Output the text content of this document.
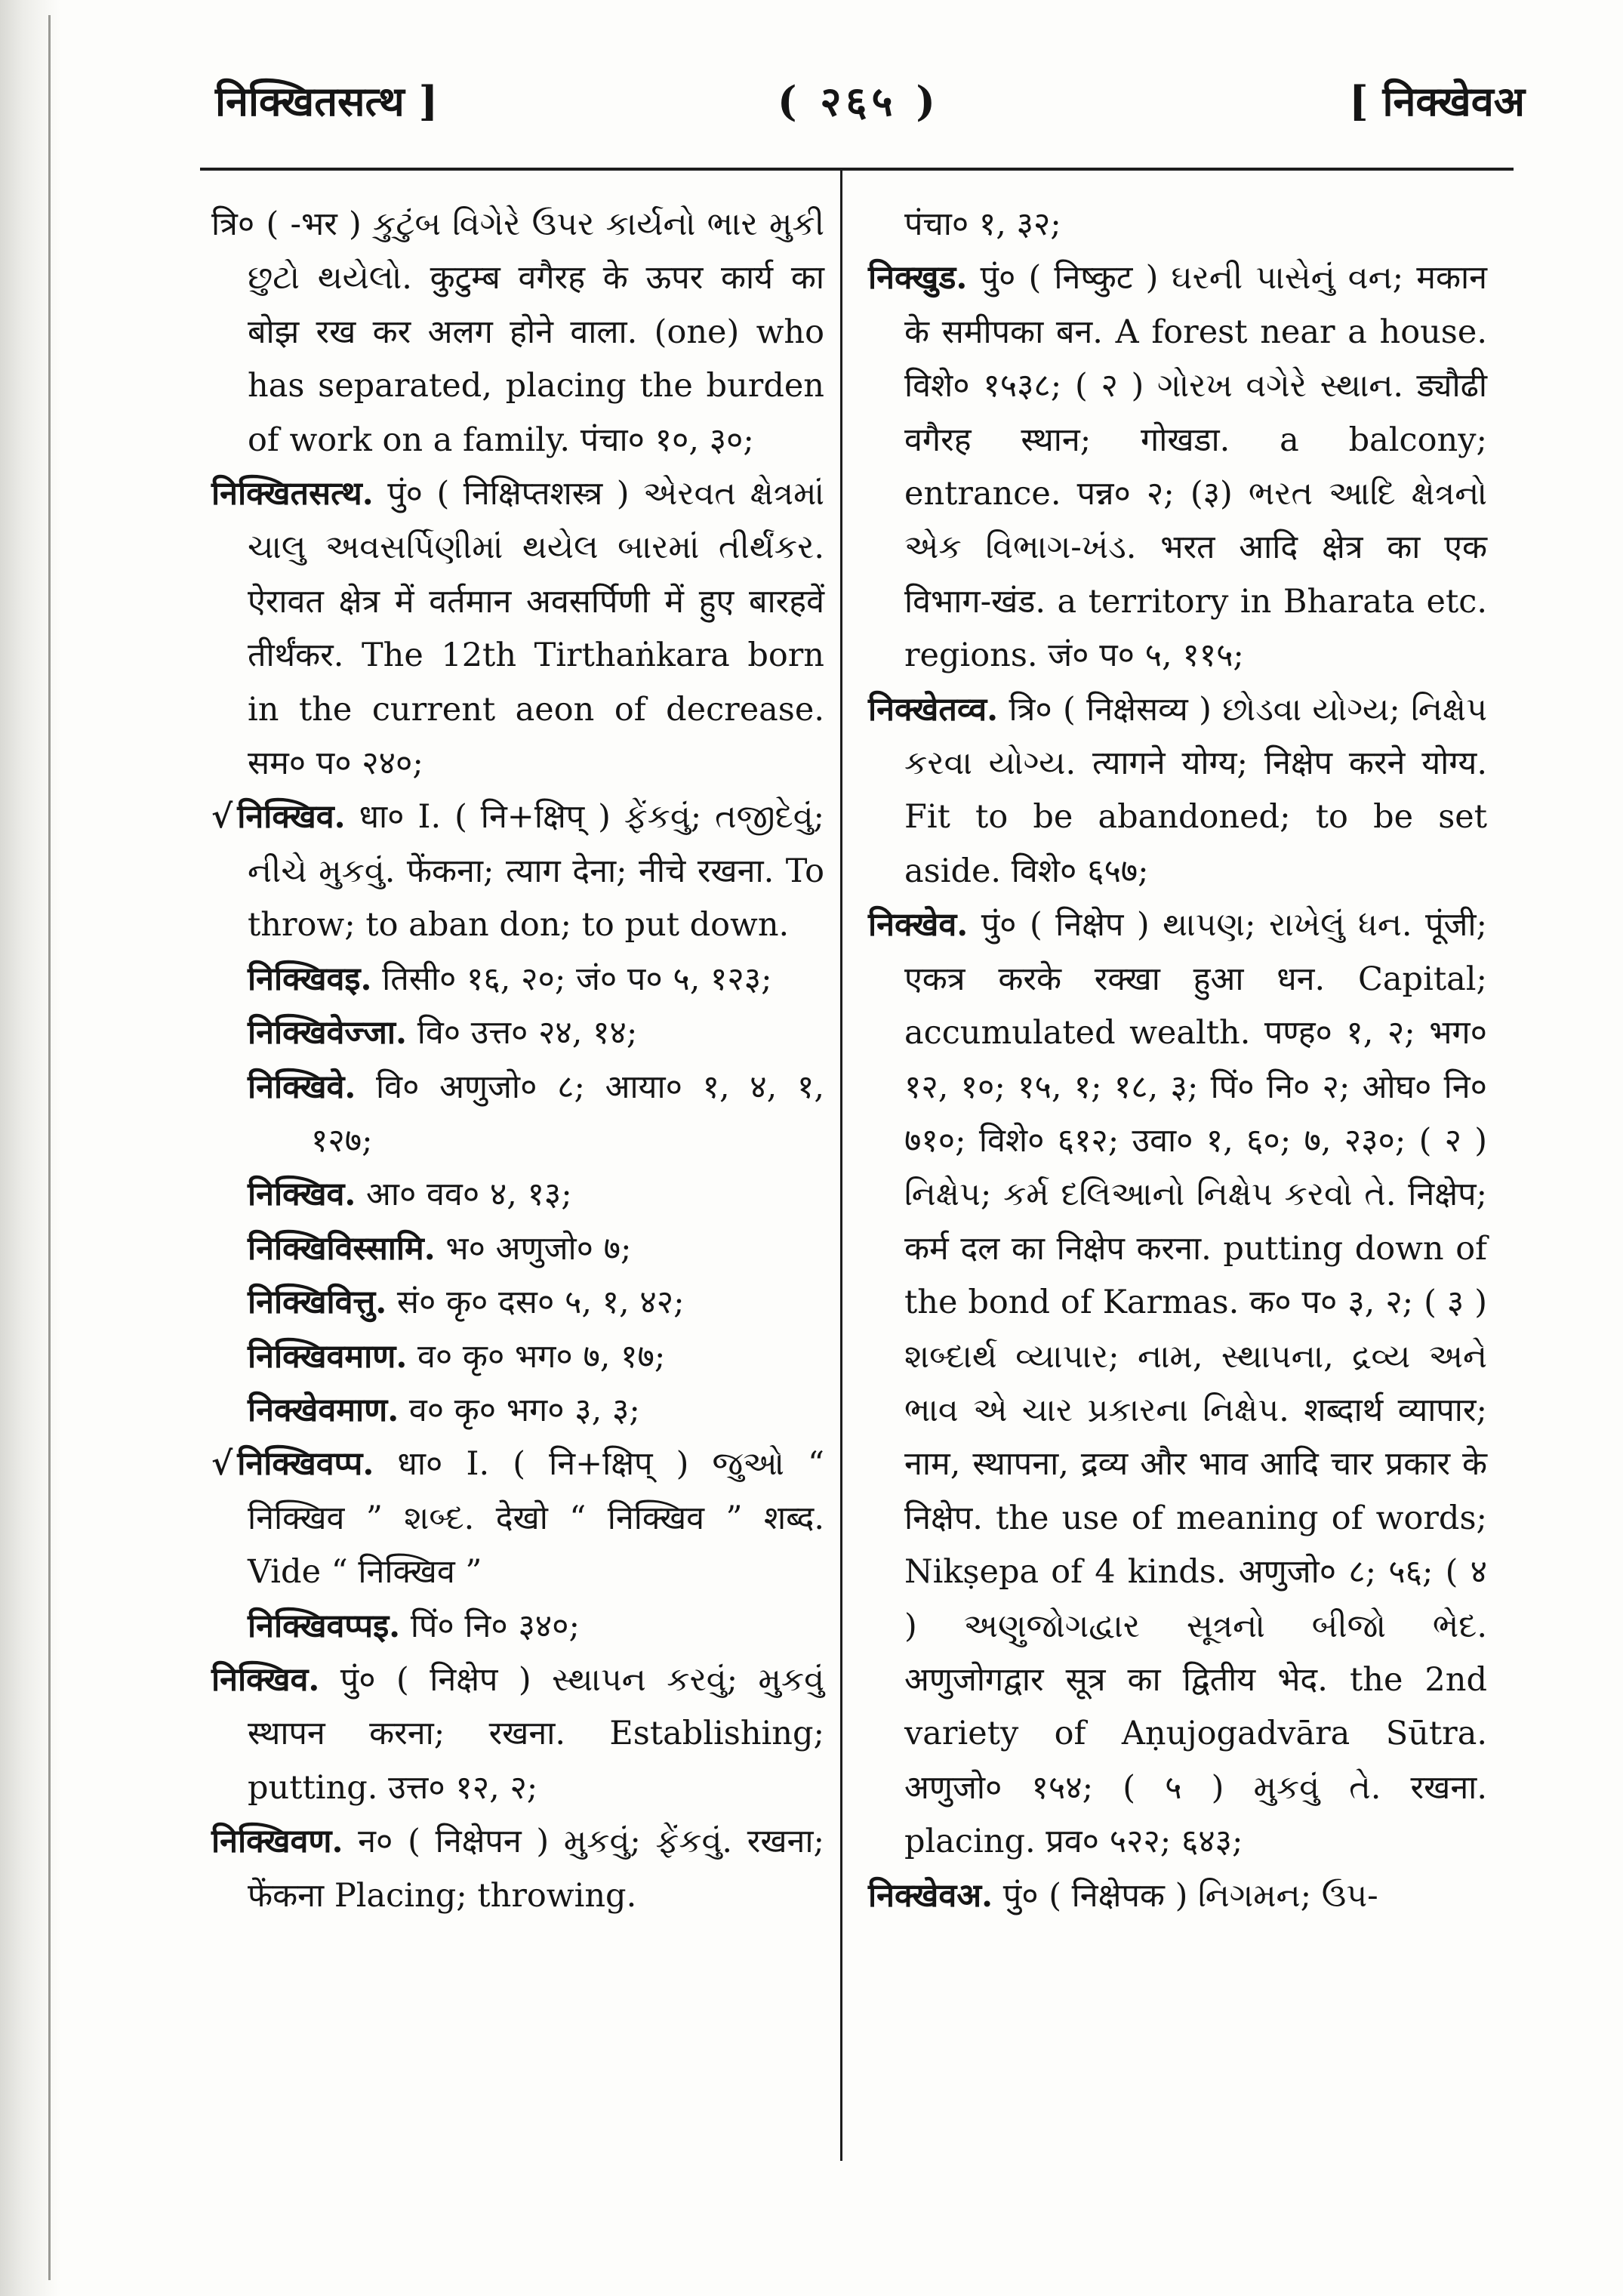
निक्खितसत्थ ]	( २६५ )	[ निक्खेवअ

त्रि० ( -भर ) કુટુંબ વિગેરે ઉપર કાર્યનો ભાર મુકી છુટો થયેલો. कुटुम्ब वगैरह के ऊपर कार्य का बोझ रख कर अलग होने वाला. (one) who has separated, placing the burden of work on a family. पंचा० १०, ३०;

निक्खितसत्थ. पुं० ( निक्षिप्तशस्त्र ) એરવત ક્ષેત્રમાં ચાલુ અવસર્પિણીમાં થયેલ બારમાં તીર્થંકર. ऐरावत क्षेत्र में वर्तमान अवसर्पिणी में हुए बारहवें तीर्थंकर. The 12th Tirthaṅkara born in the current aeon of decrease. सम० प० २४०;

√ निक्खिव. धा० I. ( नि+क्षिप् ) ફેંકવું; તજીદેવું; નીચે મુકવું. फेंकना; त्याग देना; नीचे रखना. To throw; to aban don; to put down.

निक्खिवइ. तिसी० १६, २०; जं० प० ५, १२३;

निक्खिवेज्जा. वि० उत्त० २४, १४;

निक्खिवे. वि० अणुजो० ८; आया० १, ४, १, १२७;

निक्खिव. आ० वव० ४, १३;

निक्खिविस्सामि. भ० अणुजो० ७;

निक्खिवित्तु. सं० कृ० दस० ५, १, ४२;

निक्खिवमाण. व० कृ० भग० ७, १७;

निक्खेवमाण. व० कृ० भग० ३, ३;

√ निक्खिवप्प. धा० I. ( नि+क्षिप् ) જુઓ “ निक्खिव ” શબ્દ. देखो “ निक्खिव ” शब्द. Vide “ निक्खिव ”

निक्खिवप्पइ. पिं० नि० ३४०;

निक्खिव. पुं० ( निक्षेप ) સ્થાપન કરવું; મુકવું स्थापन करना; रखना. Establishing; putting. उत्त० १२, २;

निक्खिवण. न० ( निक्षेपन ) મુકવું; ફેંકવું. रखना; फेंकना Placing; throwing.

पंचा० १, ३२;

निक्खुड. पुं० ( निष्कुट ) ઘરની પાસેનું વન; मकान के समीपका बन. A forest near a house. विशे० १५३८; ( २ ) ગોરખ વગેરે સ્થાન. ड्यौढी वगैरह स्थान; गोखडा. a balcony; entrance. पन्न० २; (३) ભરત આદિ ક્ષેત્રનો એક વિભાગ-ખંડ. भरत आदि क्षेत्र का एक विभाग-खंड. a territory in Bharata etc. regions. जं० प० ५, ११५;

निक्खेतव्व. त्रि० ( निक्षेसव्य ) છોડવા યોગ્ય; નિક્ષેપ કરવા યોગ્ય. त्यागने योग्य; निक्षेप करने योग्य. Fit to be abandoned; to be set aside. विशे० ६५७;

निक्खेव. पुं० ( निक्षेप ) થાપણ; રાખેલું ધન. पूंजी; एकत्र करके रक्खा हुआ धन. Capital; accumulated wealth. पण्ह० १, २; भग० १२, १०; १५, १; १८, ३; पिं० नि० २; ओघ० नि० ७१०; विशे० ६१२; उवा० १, ६०; ७, २३०; ( २ ) નિક્ષેપ; કર્મ દલિઆનો નિક્ષેપ કરવો તે. निक्षेप; कर्म दल का निक्षेप करना. putting down of the bond of Karmas. क० प० ३, २; ( ३ ) શબ્દાર્થ વ્યાપાર; નામ, સ્થાપના, દ્રવ્ય અને ભાવ એ ચાર પ્રકારના નિક્ષેપ. शब्दार्थ व्यापार; नाम, स्थापना, द्रव्य और भाव आदि चार प्रकार के निक्षेप. the use of meaning of words; Nikṣepa of 4 kinds. अणुजो० ८; ५६; ( ४ ) અણુજોગદ્વાર સૂત્રનો બીજો ભેદ. अणुजोगद्वार सूत्र का द्वितीय भेद. the 2nd variety of Aṇujogadvāra Sūtra. अणुजो० १५४; ( ५ ) મુકવું તે. रखना. placing. प्रव० ५२२; ६४३;

निक्खेवअ. पुं० ( निक्षेपक ) નિગમન; ઉપ-
